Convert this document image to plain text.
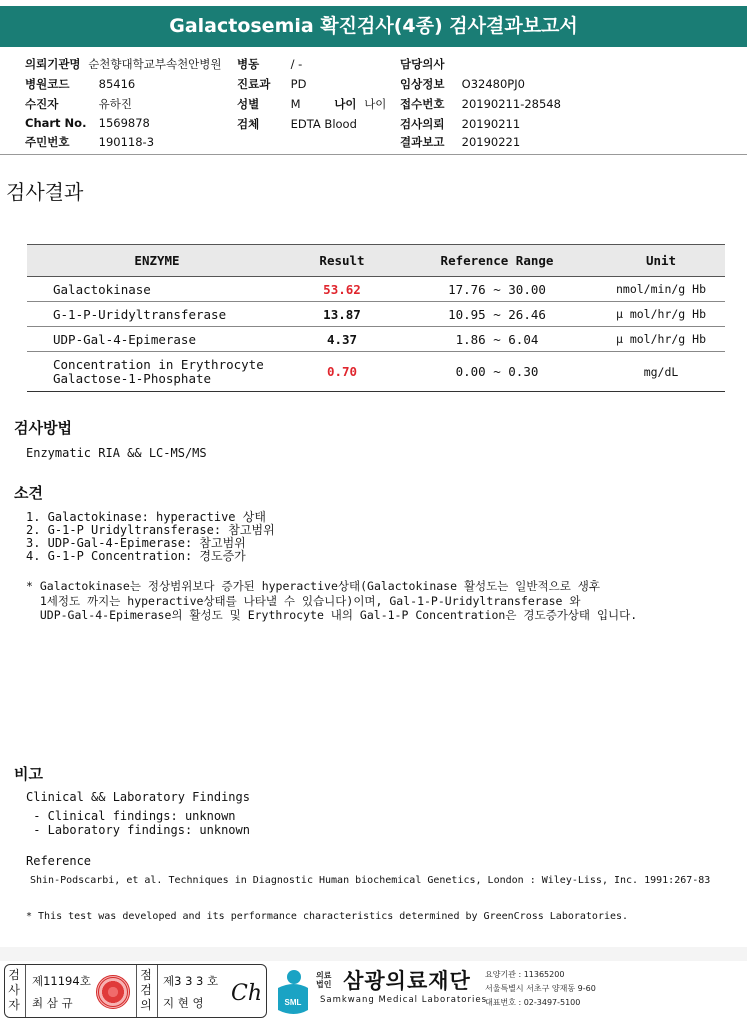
Galactosemia 확진검사(4종) 검사결과보고서
의뢰기관명 순천향대학교부속천안병원
병원코드	85416
수진자	유하진
Chart No. 1569878
주민번호	190118-3
병동	/ -
진료과 PD
성별	M	나이 나이
검체	EDTA Blood
담당의사
임상정보 O32480PJ0
접수번호 20190211-28548
검사의뢰 20190211
결과보고 20190221
검사결과
ENZYME	Result	Reference Range	Unit
Galactokinase	53.62	17.76 ~ 30.00	nmol/min/g Hb
G-1-P-Uridyltransferase	13.87	10.95 ~ 26.46	μ mol/hr/g Hb
UDP-Gal-4-Epimerase	4.37	1.86 ~ 6.04	μ mol/hr/g Hb

Concentration in Erythrocyte
Galactose-1-Phosphate	0.70	0.00 ~ 0.30	mg/dL
검사방법
Enzymatic RIA && LC-MS/MS
소견
1. Galactokinase: hyperactive 상태
2. G-1-P Uridyltransferase: 참고범위
3. UDP-Gal-4-Epimerase: 참고범위
4. G-1-P Concentration: 경도증가
* Galactokinase는 정상범위보다 증가된 hyperactive상태(Galactokinase 활성도는 일반적으로 생후
1세정도 까지는 hyperactive상태를 나타낼 수 있습니다)이며, Gal-1-P-Uridyltransferase 와
UDP-Gal-4-Epimerase의 활성도 및 Erythrocyte 내의 Gal-1-P Concentration은 경도증가상태 입니다.
비고
Clinical && Laboratory Findings
- Clinical findings: unknown
- Laboratory findings: unknown
Reference
Shin-Podscarbi, et al. Techniques in Diagnostic Human biochemical Genetics, London : Wiley-Liss, Inc. 1991:267-83
* This test was developed and its performance characteristics determined by GreenCross Laboratories.
검
사
자
제11194호
최 삼 규
점
검
의
제3 3 3 호
지 현 영 Ch	SML
의료법인 삼광의료재단
Samkwang Medical Laboratories
요양기관 : 11365200
서울특별시 서초구 양재동 9-60
대표번호 : 02-3497-5100
